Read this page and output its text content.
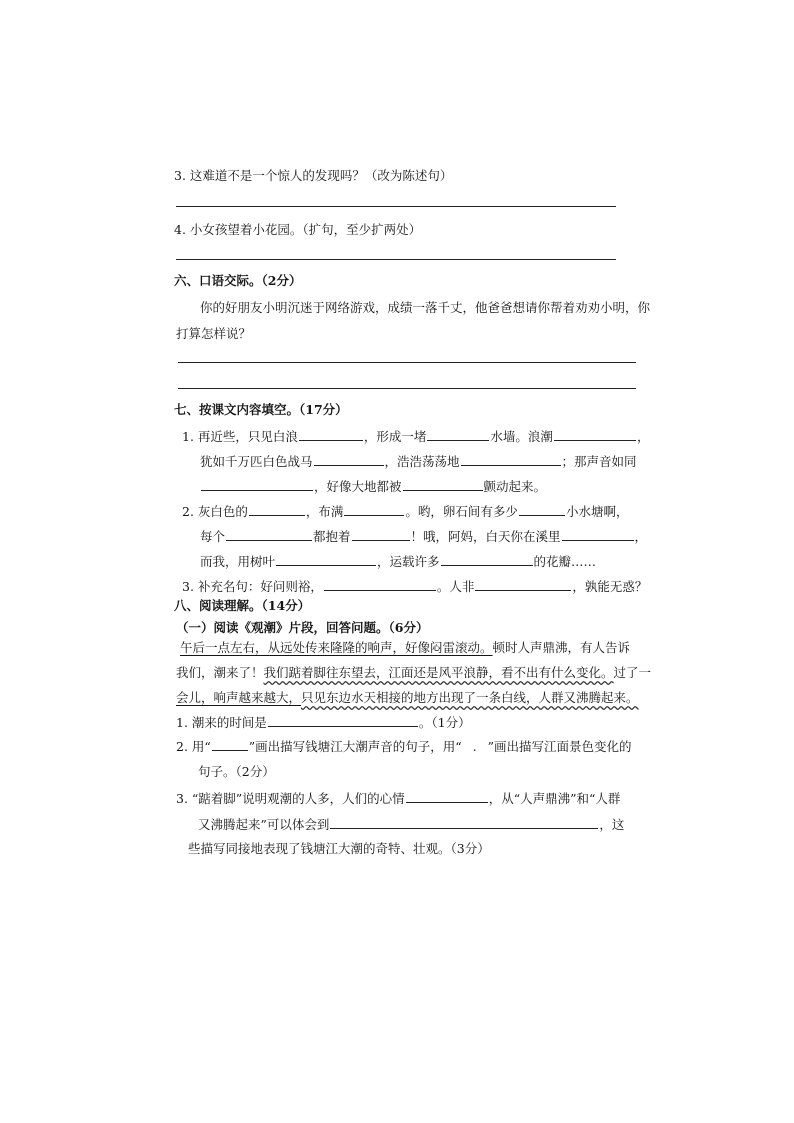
3. 这难道不是一个惊人的发现吗？（改为陈述句）
4. 小女孩望着小花园。（扩句，至少扩两处）
六、口语交际。（2分）
你的好朋友小明沉迷于网络游戏，成绩一落千丈，他爸爸想请你帮着劝劝小明，你
打算怎样说？
七、按课文内容填空。（17分）
1. 再近些，只见白浪	，形成一堵	水墙。浪潮	，
犹如千万匹白色战马	，浩浩荡荡地	；那声音如同
，好像大地都被	颤动起来。
2. 灰白色的	，布满	。哟，卵石间有多少	小水塘啊，
每个	都抱着	！哦，阿妈，白天你在溪里	，
而我，用树叶	，运载许多	的花瓣……
3. 补充名句：好问则裕，	。人非	，孰能无惑？
八、阅读理解。（14分）
（一）阅读《观潮》片段，回答问题。（6分）
午后一点左右，从远处传来隆隆的响声，好像闷雷滚动。顿时人声鼎沸，有人告诉
我们，潮来了！我们踮着脚往东望去，江面还是风平浪静，看不出有什么变化。过了一
会儿，响声越来越大，只见东边水天相接的地方出现了一条白线，人群又沸腾起来。
1. 潮来的时间是	。（1分）
2. 用“	”画出描写钱塘江大潮声音的句子，用“ . ”画出描写江面景色变化的
句子。（2分）
3. “踮着脚”说明观潮的人多，人们的心情	，从“人声鼎沸”和“人群
又沸腾起来”可以体会到	，这
些描写同接地表现了钱塘江大潮的奇特、壮观。（3分）
